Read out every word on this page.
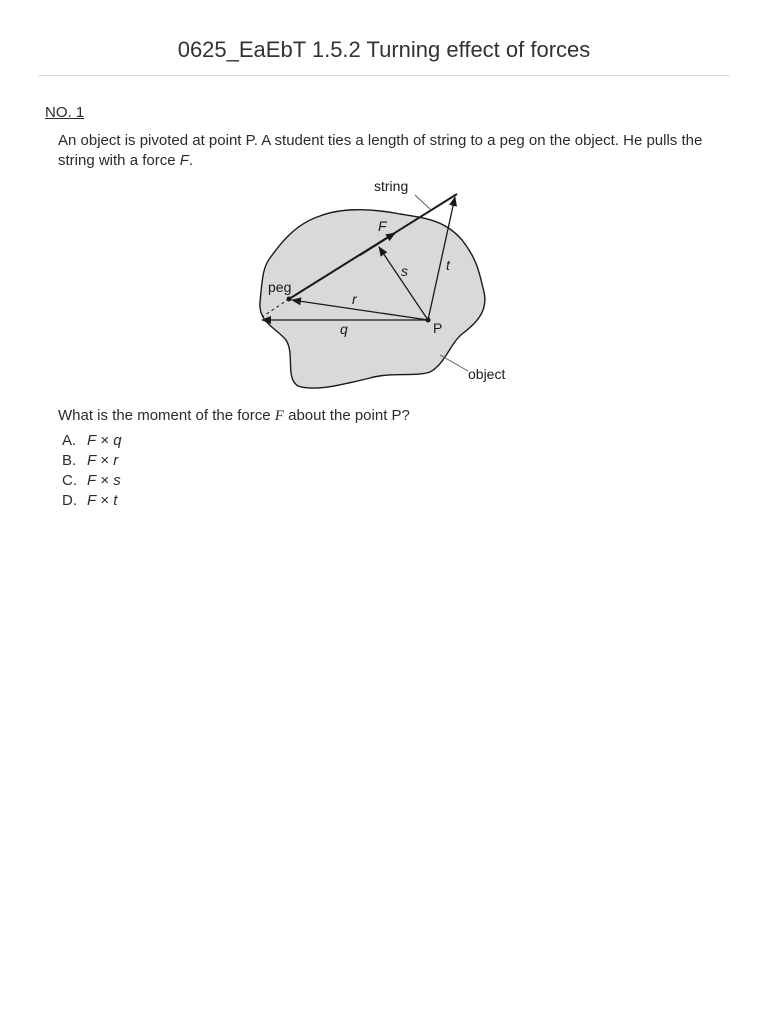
0625_EaEbT 1.5.2 Turning effect of forces
NO. 1
An object is pivoted at point P. A student ties a length of string to a peg on the object. He pulls the string with a force F.
string
F
peg
r
s	t
q	P
object
What is the moment of the force F about the point P?
A. F × q
B. F × r
C. F × s
D. F × t
